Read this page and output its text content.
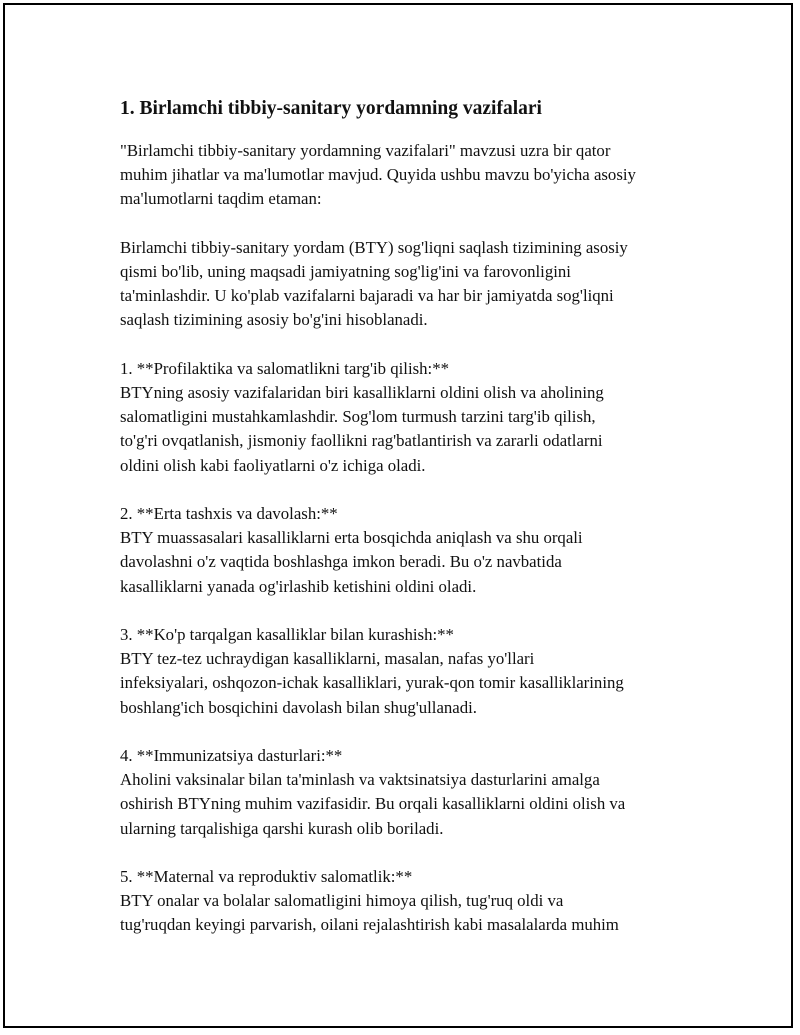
1. Birlamchi tibbiy-sanitary yordamning vazifalari

"Birlamchi tibbiy-sanitary yordamning vazifalari" mavzusi uzra bir qator
muhim jihatlar va ma'lumotlar mavjud. Quyida ushbu mavzu bo'yicha asosiy
ma'lumotlarni taqdim etaman:

Birlamchi tibbiy-sanitary yordam (BTY) sog'liqni saqlash tizimining asosiy
qismi bo'lib, uning maqsadi jamiyatning sog'lig'ini va farovonligini
ta'minlashdir. U ko'plab vazifalarni bajaradi va har bir jamiyatda sog'liqni
saqlash tizimining asosiy bo'g'ini hisoblanadi.

1. **Profilaktika va salomatlikni targ'ib qilish:**

BTYning asosiy vazifalaridan biri kasalliklarni oldini olish va aholining
salomatligini mustahkamlashdir. Sog'lom turmush tarzini targ'ib qilish,
to'g'ri ovqatlanish, jismoniy faollikni rag'batlantirish va zararli odatlarni
oldini olish kabi faoliyatlarni o'z ichiga oladi.

2. **Erta tashxis va davolash:**

BTY muassasalari kasalliklarni erta bosqichda aniqlash va shu orqali
davolashni o'z vaqtida boshlashga imkon beradi. Bu o'z navbatida
kasalliklarni yanada og'irlashib ketishini oldini oladi.

3. **Ko'p tarqalgan kasalliklar bilan kurashish:**

BTY tez-tez uchraydigan kasalliklarni, masalan, nafas yo'llari
infeksiyalari, oshqozon-ichak kasalliklari, yurak-qon tomir kasalliklarining
boshlang'ich bosqichini davolash bilan shug'ullanadi.

4. **Immunizatsiya dasturlari:**

Aholini vaksinalar bilan ta'minlash va vaktsinatsiya dasturlarini amalga
oshirish BTYning muhim vazifasidir. Bu orqali kasalliklarni oldini olish va
ularning tarqalishiga qarshi kurash olib boriladi.

5. **Maternal va reproduktiv salomatlik:**

BTY onalar va bolalar salomatligini himoya qilish, tug'ruq oldi va
tug'ruqdan keyingi parvarish, oilani rejalashtirish kabi masalalarda muhim
